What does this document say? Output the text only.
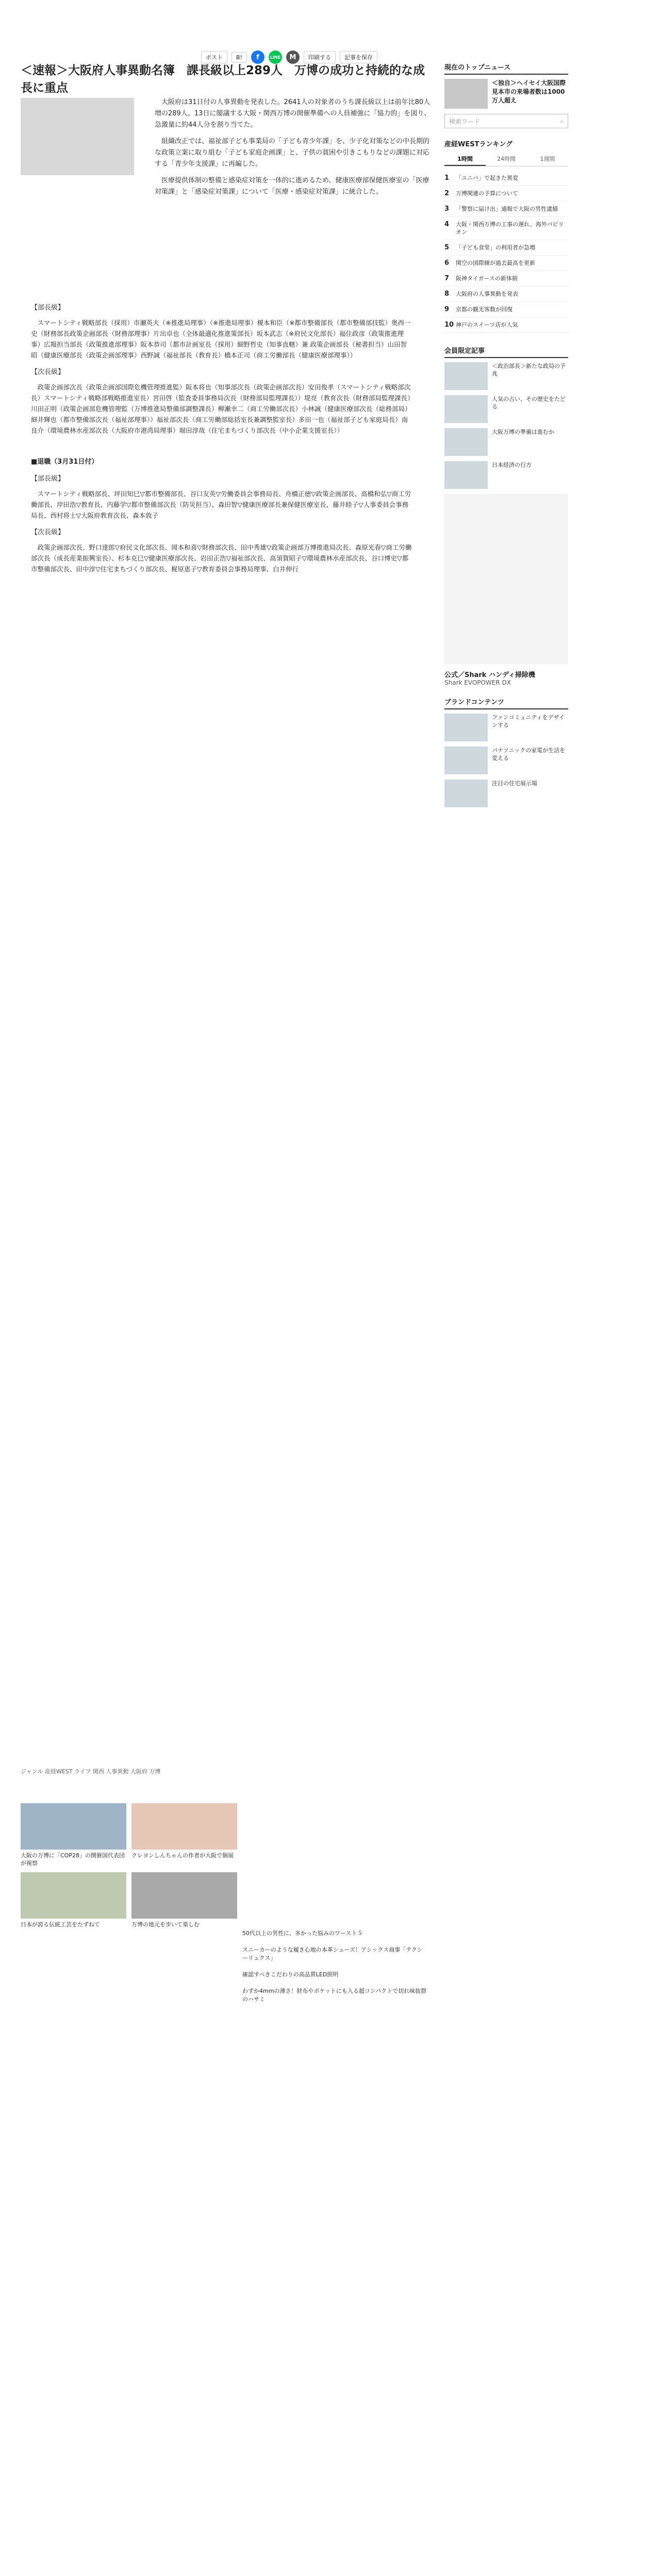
＜速報＞大阪府人事異動名簿　課長級以上289人　万博の成功と持続的な成長に重点
ポスト	B!	f	LINE	M	印刷する	記事を保存

大阪府は31日付の人事異動を発表した。2641人の対象者のうち課長級以上は前年比80人増の289人。13日に閣議する大阪・関西万博の開催準備への人員補強に「協力的」を図り、急激量に約44人分を割り当てた。

組織改正では、福祉部子ども事業局の「子ども青少年課」を、少子化対策などの中長期的な政策立案に取り組む「子ども家庭企画課」と、子供の貧困や引きこもりなどの課題に対応する「青少年支援課」に再編した。

医療提供体制の整備と感染症対策を一体的に進めるため、健康医療部保健医療室の「医療対策課」と「感染症対策課」について「医療・感染症対策課」に統合した。

【部長級】
スマートシティ戦略部長（採用）市瀬英夫（※推進局理事）（※推進局理事）榎本和臣（※都市整備部長（都市整備部技監）奥西一史（財務部長政策企画部長（財務部理事）片出卓也（全体最適化推進策部長）坂本武志（※府民文化部長）福住政彦（政策推進理事）広報担当部長（政策推進部理事）阪本恭司（都市計画室長（採用）細野哲史（知事直轄）兼 政策企画部長（秘書担当）山田智昭（健康医療部長（政策企画部理事）西野誠（福祉部長（教育長）橋本正司（商工労働部長（健康医療部理事））
【次長級】
政策企画部次長（政策企画部国際危機管理推進監）阪本将也（知事部次長（政策企画部次長）安田俊孝（スマートシティ戦略部次長）スマートシティ戦略部戦略推進室長）宮田啓（監査委員事務局次長（財務部局監理課長））堤亮（教育次長（財務部局監理課長）川田正明（政策企画部危機管理監（万博推進局整備部調整課長）柳瀬幸二（商工労働部次長）小林誠（健康医療部次長（総務部局）細井輝也（都市整備部次長（福祉部理事））福祉部次長（商工労働部総括室長兼調整監室長）多田一也（福祉部子ども家庭局長）南良介（環境農林水産部次長（大阪府市港湾局理事）堀田淳哉（住宅まちづくり部次長（中小企業支援室長））
■退職（3月31日付）
【部長級】
スマートシティ戦略部長、坪田知巳▽都市整備部長、谷口友英▽労働委員会事務局長、舟橋正徳▽政策企画部長、高橋和弘▽商工労働部長、岸田浩▽教育長、内藤学▽都市整備部次長（防災担当）、森田智▽健康医療部長兼保健医療室長、藤井睦子▽人事委員会事務局長、西村将士▽大阪府教育次長、森本敦子
【次長級】
政策企画部次長、野口達郎▽府民文化部次長、岡本和喜▽財務部次長、田中秀雄▽政策企画部万博推進局次長、森原光春▽商工労働部次長（成長産業振興室長）、杉本克巳▽健康医療部次長、岩田正浩▽福祉部次長、高須賀昭子▽環境農林水産部次長、谷口博史▽都市整備部次長、田中淳▽住宅まちづくり部次長、梶原恵子▽教育委員会事務局理事、白井伸行
ジャンル 産経WEST ライフ 関西 人事異動 大阪府 万博
大阪の万博に「COP28」の開催国代表団が視察
クレヨンしんちゃんの作者が大阪で個展
日本が誇る伝統工芸をたずねて	万博の地元を歩いて楽しむ
50代以上の男性に、多かった悩みのワースト５
スニーカーのような履き心地の本革シューズ！アシックス商事「テクシーリュクス」
確認すべきこだわりの高品質LED照明
わずか4mmの薄さ！財布やポケットにも入る超コンパクトで切れ味抜群のハサミ
現在のトップニュース
＜独自＞ヘイセイ大阪国際見本市の来場者数は1000万人超え
検索ワード	⌕
産経WESTランキング
1時間	24時間	1週間
1	「ユニバ」で起きた異変
2	万博関連の予算について
3	「警察に届け出」通報で大阪の男性逮捕
4	大阪・関西万博の工事の遅れ、海外パビリオン
5	「子ども食堂」の利用者が急増
6	関空の国際線が過去最高を更新
7	阪神タイガースの新体制
8	大阪府の人事異動を発表
9	京都の観光客数が回復
10 神戸のスイーツ店が人気
会員限定記事
＜政治部長＞新たな政局の予兆
人気の占い、その歴史をたどる
大阪万博の準備は進むか
日本経済の行方
公式／Shark ハンディ掃除機
Shark EVOPOWER DX
ブランドコンテンツ
ファンコミュニティをデザインする
パナソニックの家電が生活を変える
注目の住宅展示場
